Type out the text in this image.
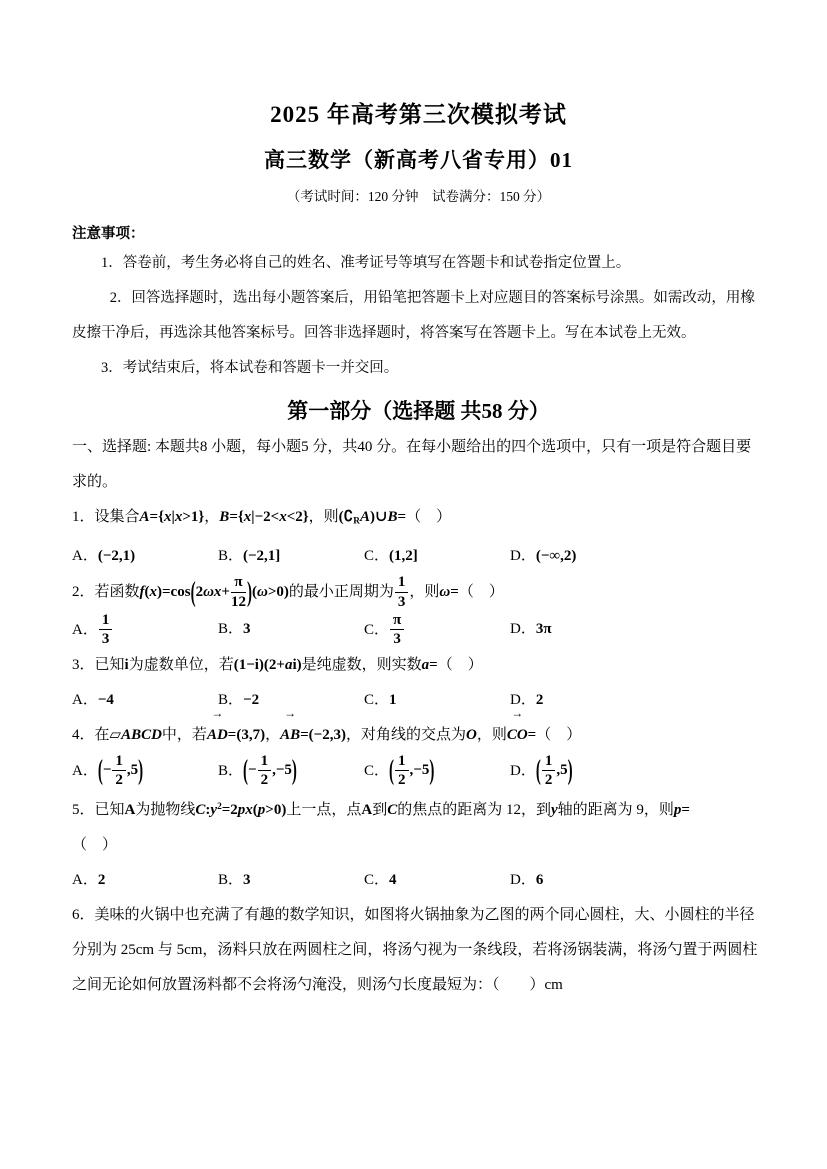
2025 年高考第三次模拟考试
高三数学（新高考八省专用）01
（考试时间：120 分钟　试卷满分：150 分）
注意事项：
1．答卷前，考生务必将自己的姓名、准考证号等填写在答题卡和试卷指定位置上。
2．回答选择题时，选出每小题答案后，用铅笔把答题卡上对应题目的答案标号涂黑。如需改动，用橡皮擦干净后，再选涂其他答案标号。回答非选择题时，将答案写在答题卡上。写在本试卷上无效。
3．考试结束后，将本试卷和答题卡一并交回。
第一部分（选择题 共58 分）
一、选择题: 本题共8 小题，每小题5 分，共40 分。在每小题给出的四个选项中，只有一项是符合题目要求的。
1．设集合A={x|x>1}，B={x|−2<x<2}，则$(∁_RA)\cup B=$（　）
A．(−2,1)	B．(−2,1]	C．(1,2]	D．(−∞,2)
2．若函数$f(x)=\cos(2\omega x+ \frac{\pi}{12} )(\omega>0)$的最小正周期为 $\frac{1}{3}$ ，则ω=（　）
A． $\frac{1}{3}$	B．3	C． $\frac{\pi}{3}$	D．3π
3．已知i为虚数单位，若(1−i)(2+ai)是纯虚数，则实数a=（　）
A．−4	B．−2	C．1	D．2
4．在▱ABCD中，若
→
AD=(3,7)，
→
AB=(−2,3)，对角线的交点为O，则
→
CO=（　）
A．(− $\frac{1}{2} ,5$)	B．(− $\frac{1}{2} ,-5$)	C．( $\frac{1}{2} ,-5$)	D．( $\frac{1}{2} ,5$)
5．已知A为抛物线$C:y^2=2px(p>0)$上一点，点A到C的焦点的距离为 12，到y轴的距离为 9，则p=
（　）
A．2	B．3	C．4	D．6
6．美味的火锅中也充满了有趣的数学知识，如图将火锅抽象为乙图的两个同心圆柱，大、小圆柱的半径分别为 25cm 与 5cm，汤料只放在两圆柱之间，将汤勺视为一条线段，若将汤锅装满，将汤勺置于两圆柱之间无论如何放置汤料都不会将汤勺淹没，则汤勺长度最短为：（　　）cm
